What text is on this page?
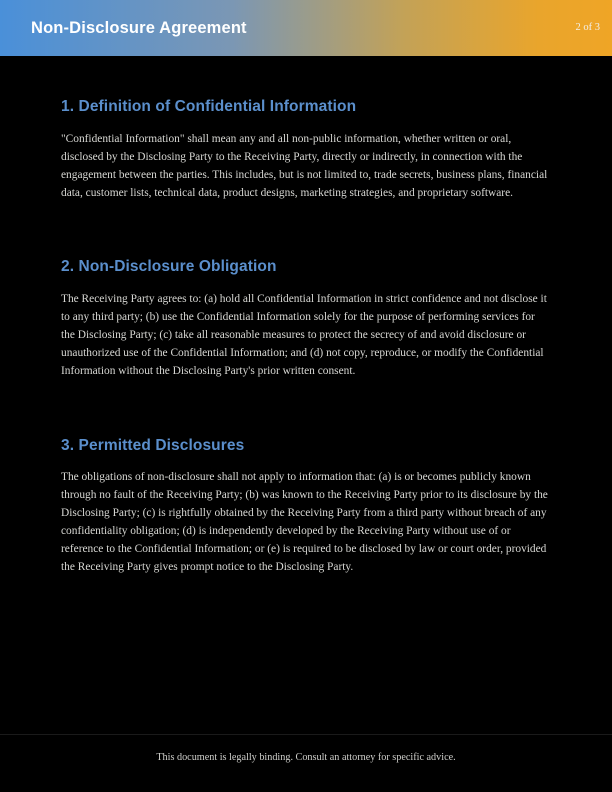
Non-Disclosure Agreement	2 of 3
1. Definition of Confidential Information

"Confidential Information" shall mean any and all non-public information, whether written or oral, disclosed by the Disclosing Party to the Receiving Party, directly or indirectly, in connection with the engagement between the parties. This includes, but is not limited to, trade secrets, business plans, financial data, customer lists, technical data, product designs, marketing strategies, and proprietary software.

2. Non-Disclosure Obligation

The Receiving Party agrees to: (a) hold all Confidential Information in strict confidence and not disclose it to any third party; (b) use the Confidential Information solely for the purpose of performing services for the Disclosing Party; (c) take all reasonable measures to protect the secrecy of and avoid disclosure or unauthorized use of the Confidential Information; and (d) not copy, reproduce, or modify the Confidential Information without the Disclosing Party's prior written consent.

3. Permitted Disclosures

The obligations of non-disclosure shall not apply to information that: (a) is or becomes publicly known through no fault of the Receiving Party; (b) was known to the Receiving Party prior to its disclosure by the Disclosing Party; (c) is rightfully obtained by the Receiving Party from a third party without breach of any confidentiality obligation; (d) is independently developed by the Receiving Party without use of or reference to the Confidential Information; or (e) is required to be disclosed by law or court order, provided the Receiving Party gives prompt notice to the Disclosing Party.

This document is legally binding. Consult an attorney for specific advice.
